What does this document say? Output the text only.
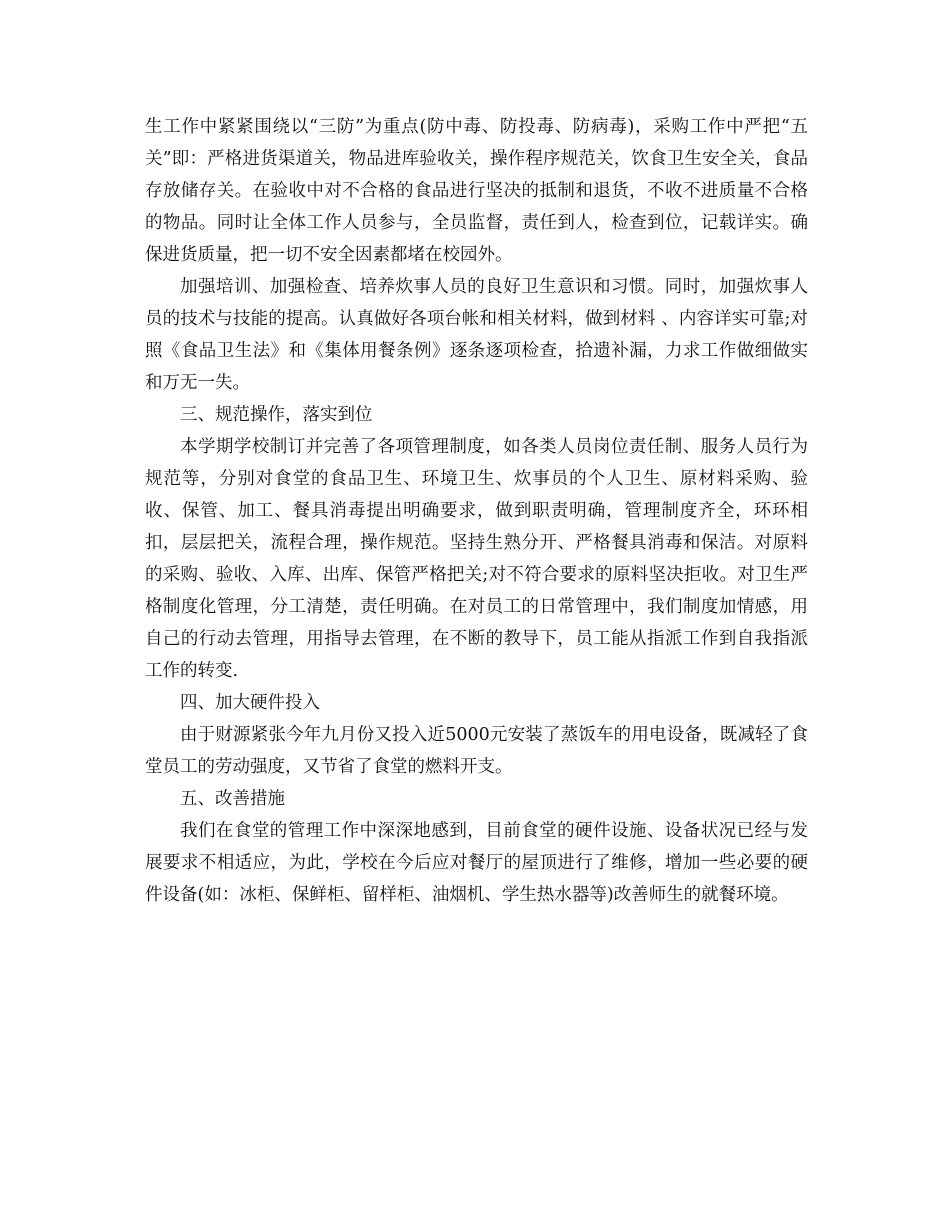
生工作中紧紧围绕以“三防”为重点(防中毒、防投毒、防病毒)，采购工作中严把“五关”即：严格进货渠道关，物品进库验收关，操作程序规范关，饮食卫生安全关，食品存放储存关。在验收中对不合格的食品进行坚决的抵制和退货，不收不进质量不合格的物品。同时让全体工作人员参与，全员监督，责任到人，检查到位，记载详实。确保进货质量，把一切不安全因素都堵在校园外。

加强培训、加强检查、培养炊事人员的良好卫生意识和习惯。同时，加强炊事人员的技术与技能的提高。认真做好各项台帐和相关材料，做到材料 、内容详实可靠;对照《食品卫生法》和《集体用餐条例》逐条逐项检查，拾遗补漏，力求工作做细做实和万无一失。

三、规范操作，落实到位

本学期学校制订并完善了各项管理制度，如各类人员岗位责任制、服务人员行为规范等，分别对食堂的食品卫生、环境卫生、炊事员的个人卫生、原材料采购、验收、保管、加工、餐具消毒提出明确要求，做到职责明确，管理制度齐全，环环相扣，层层把关，流程合理，操作规范。坚持生熟分开、严格餐具消毒和保洁。对原料的采购、验收、入库、出库、保管严格把关;对不符合要求的原料坚决拒收。对卫生严格制度化管理，分工清楚，责任明确。在对员工的日常管理中，我们制度加情感，用自己的行动去管理，用指导去管理，在不断的教导下，员工能从指派工作到自我指派工作的转变.

四、加大硬件投入

由于财源紧张今年九月份又投入近5000元安装了蒸饭车的用电设备，既减轻了食堂员工的劳动强度，又节省了食堂的燃料开支。

五、改善措施

我们在食堂的管理工作中深深地感到，目前食堂的硬件设施、设备状况已经与发展要求不相适应，为此，学校在今后应对餐厅的屋顶进行了维修，增加一些必要的硬件设备(如：冰柜、保鲜柜、留样柜、油烟机、学生热水器等)改善师生的就餐环境。
